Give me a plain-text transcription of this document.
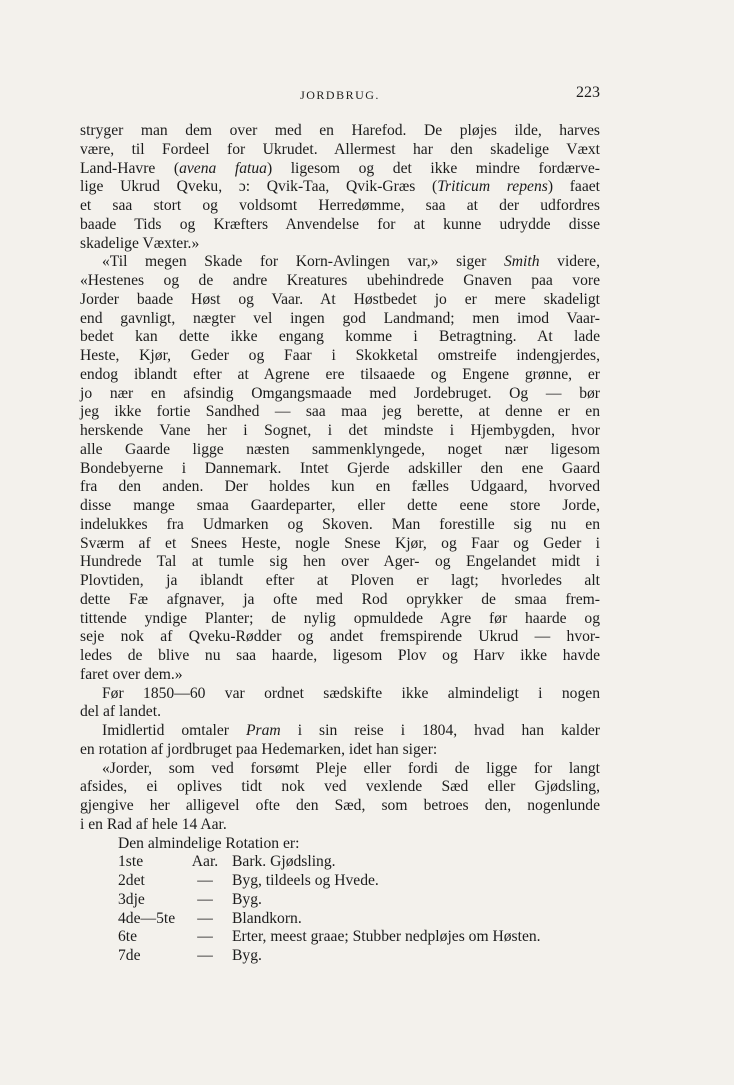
JORDBRUG.	223
stryger man dem over med en Harefod. De pløjes ilde, harves
være, til Fordeel for Ukrudet. Allermest har den skadelige Væxt
Land-Havre (avena fatua) ligesom og det ikke mindre fordærve-
lige Ukrud Qveku, ɔ: Qvik-Taa, Qvik-Græs (Triticum repens) faaet
et saa stort og voldsomt Herredømme, saa at der udfordres
baade Tids og Kræfters Anvendelse for at kunne udrydde disse
skadelige Væxter.»
«Til megen Skade for Korn-Avlingen var,» siger Smith videre,
«Hestenes og de andre Kreatures ubehindrede Gnaven paa vore
Jorder baade Høst og Vaar. At Høstbedet jo er mere skadeligt
end gavnligt, nægter vel ingen god Landmand; men imod Vaar-
bedet kan dette ikke engang komme i Betragtning. At lade
Heste, Kjør, Geder og Faar i Skokketal omstreife indengjerdes,
endog iblandt efter at Agrene ere tilsaaede og Engene grønne, er
jo nær en afsindig Omgangsmaade med Jordebruget. Og — bør
jeg ikke fortie Sandhed — saa maa jeg berette, at denne er en
herskende Vane her i Sognet, i det mindste i Hjembygden, hvor
alle Gaarde ligge næsten sammenklyngede, noget nær ligesom
Bondebyerne i Dannemark. Intet Gjerde adskiller den ene Gaard
fra den anden. Der holdes kun en fælles Udgaard, hvorved
disse mange smaa Gaardeparter, eller dette eene store Jorde,
indelukkes fra Udmarken og Skoven. Man forestille sig nu en
Sværm af et Snees Heste, nogle Snese Kjør, og Faar og Geder i
Hundrede Tal at tumle sig hen over Ager- og Engelandet midt i
Plovtiden, ja iblandt efter at Ploven er lagt; hvorledes alt
dette Fæ afgnaver, ja ofte med Rod oprykker de smaa frem-
tittende yndige Planter; de nylig opmuldede Agre før haarde og
seje nok af Qveku-Rødder og andet fremspirende Ukrud — hvor-
ledes de blive nu saa haarde, ligesom Plov og Harv ikke havde
faret over dem.»
Før 1850—60 var ordnet sædskifte ikke almindeligt i nogen
del af landet.
Imidlertid omtaler Pram i sin reise i 1804, hvad han kalder
en rotation af jordbruget paa Hedemarken, idet han siger:
«Jorder, som ved forsømt Pleje eller fordi de ligge for langt
afsides, ei oplives tidt nok ved vexlende Sæd eller Gjødsling,
gjengive her alligevel ofte den Sæd, som betroes den, nogenlunde
i en Rad af hele 14 Aar.
Den almindelige Rotation er:
1ste	Aar. Bark. Gjødsling.
2det	—	Byg, tildeels og Hvede.
3dje	—	Byg.
4de—5te	—	Blandkorn.
6te	—	Erter, meest graae; Stubber nedpløjes om Høsten.
7de	—	Byg.
